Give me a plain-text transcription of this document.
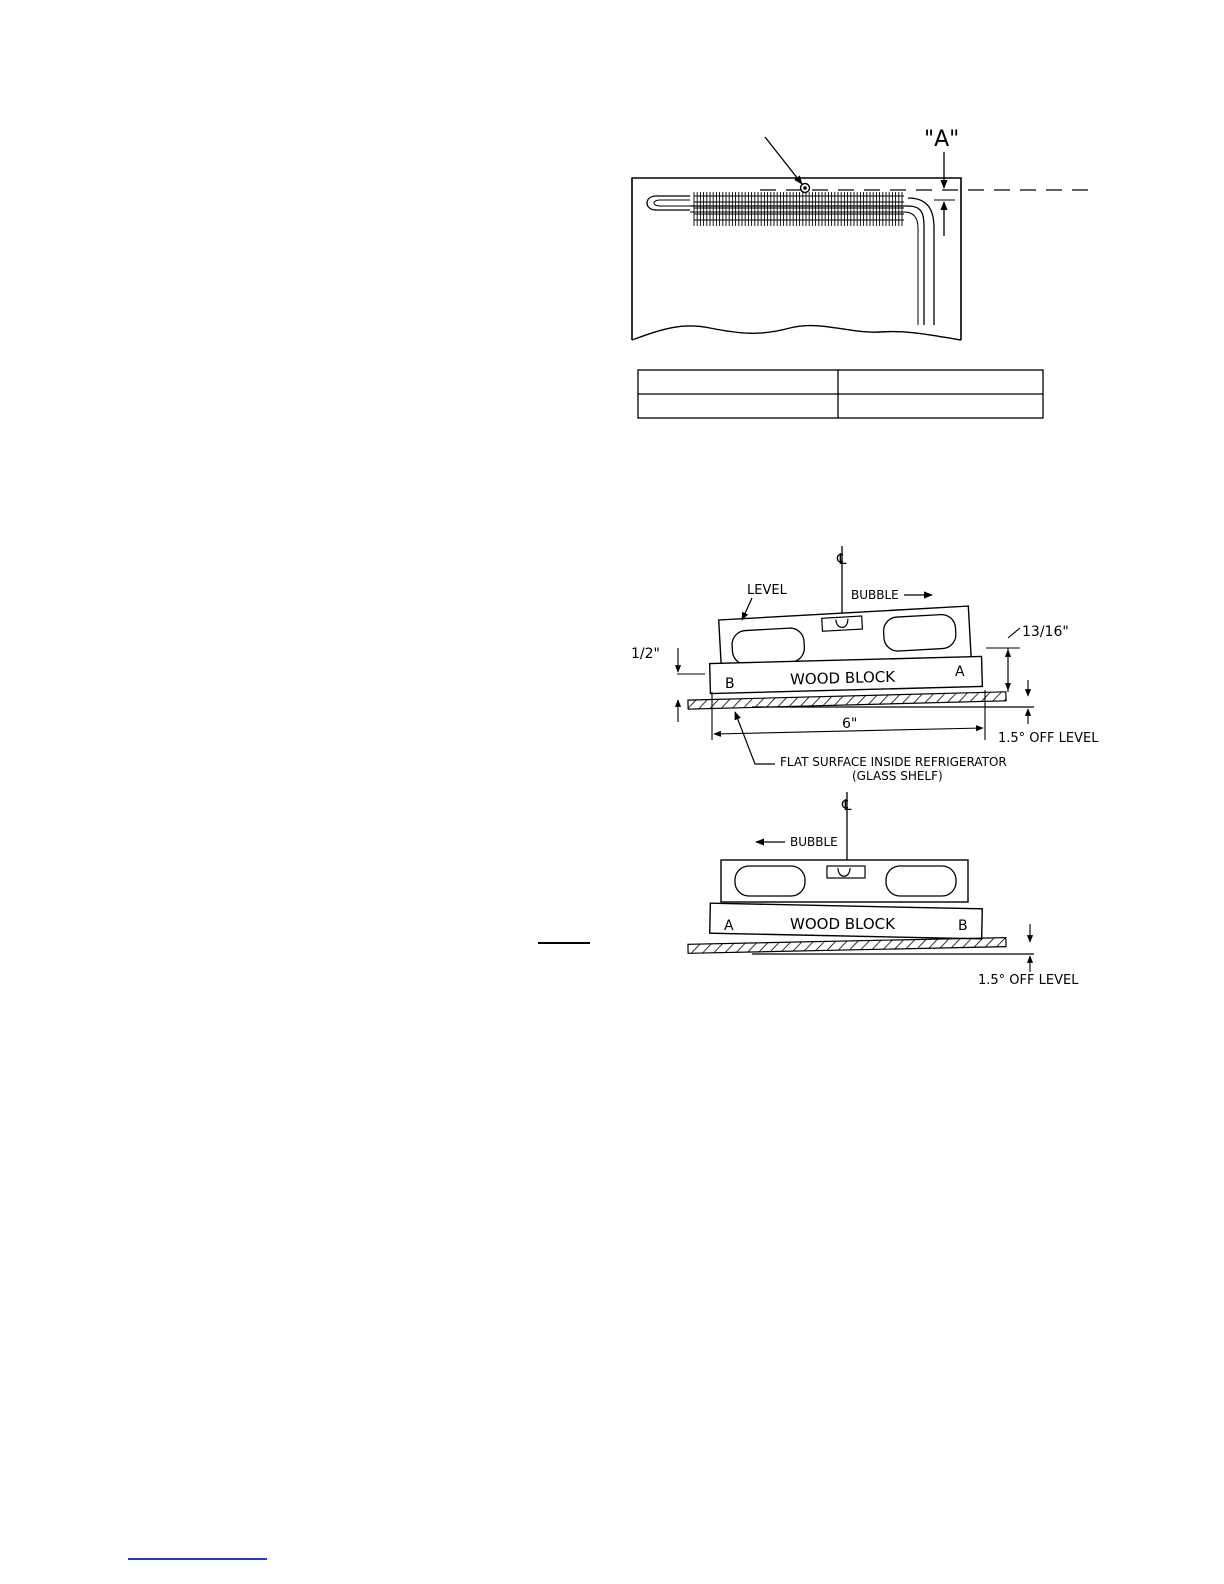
"A"
℄
LEVEL	BUBBLE
WOOD BLOCK
B
A
1/2"
13/16"
6"
1.5° OFF LEVEL
FLAT SURFACE INSIDE REFRIGERATOR
(GLASS SHELF)
℄
BUBBLE
WOOD BLOCK
A	B
1.5° OFF LEVEL
